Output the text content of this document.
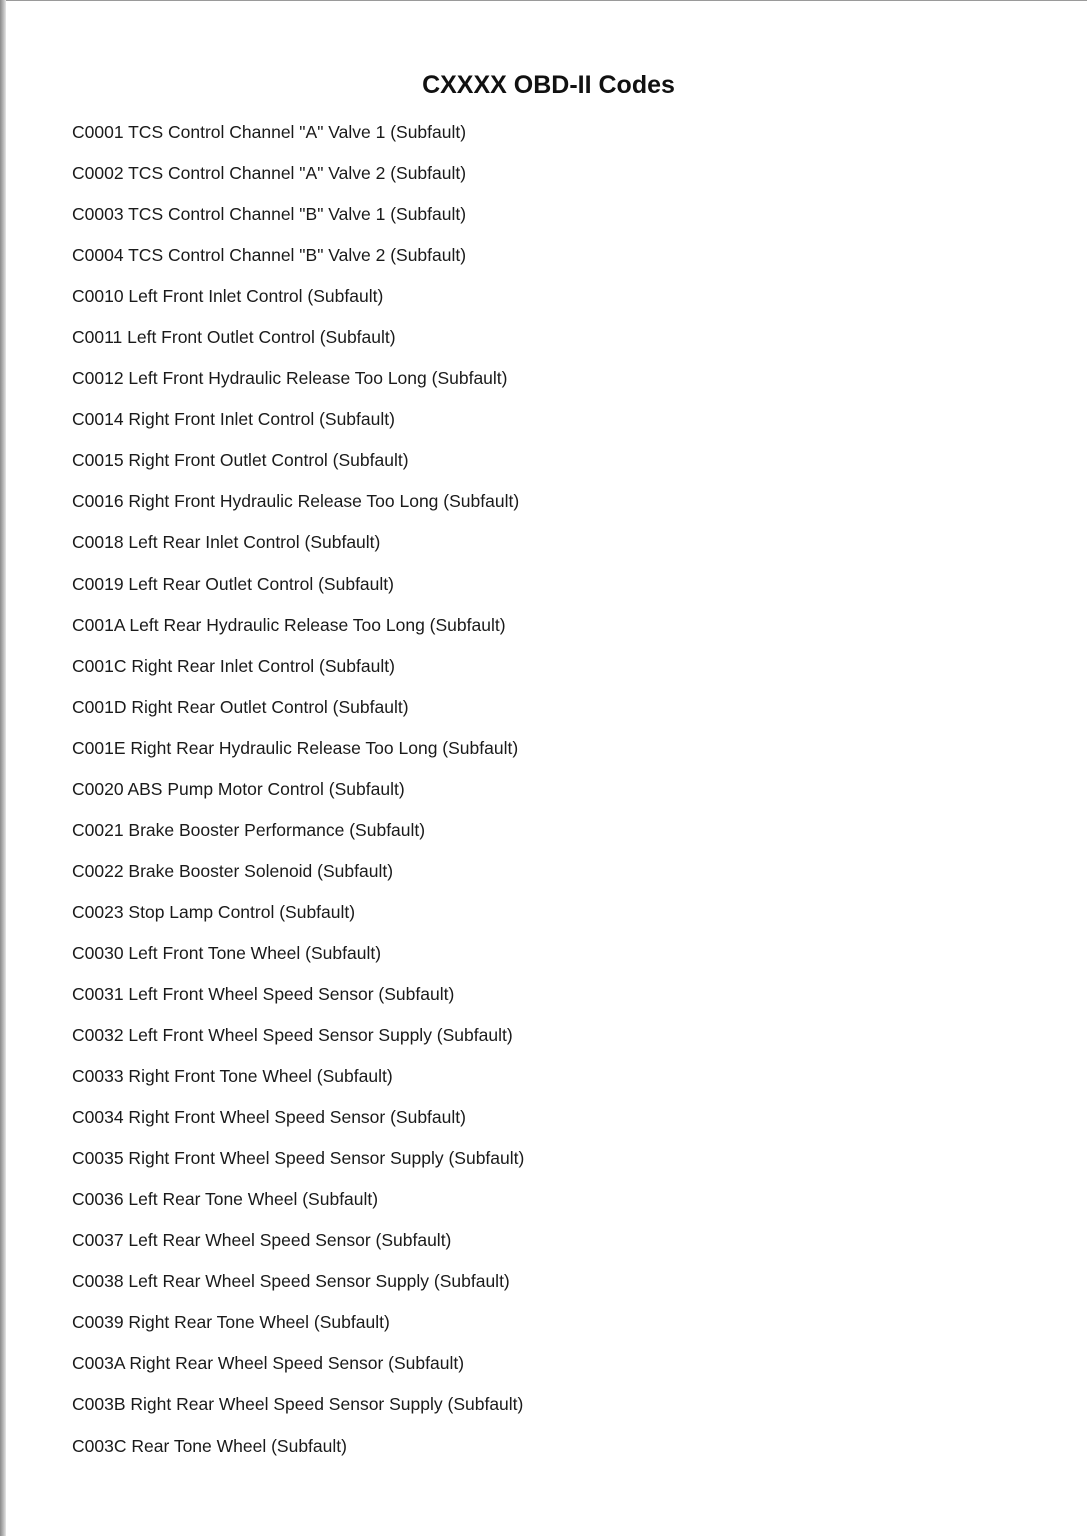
CXXXX OBD-II Codes
C0001 TCS Control Channel "A" Valve 1 (Subfault)
C0002 TCS Control Channel "A" Valve 2 (Subfault)
C0003 TCS Control Channel "B" Valve 1 (Subfault)
C0004 TCS Control Channel "B" Valve 2 (Subfault)
C0010 Left Front Inlet Control (Subfault)
C0011 Left Front Outlet Control (Subfault)
C0012 Left Front Hydraulic Release Too Long (Subfault)
C0014 Right Front Inlet Control (Subfault)
C0015 Right Front Outlet Control (Subfault)
C0016 Right Front Hydraulic Release Too Long (Subfault)
C0018 Left Rear Inlet Control (Subfault)
C0019 Left Rear Outlet Control (Subfault)
C001A Left Rear Hydraulic Release Too Long (Subfault)
C001C Right Rear Inlet Control (Subfault)
C001D Right Rear Outlet Control (Subfault)
C001E Right Rear Hydraulic Release Too Long (Subfault)
C0020 ABS Pump Motor Control (Subfault)
C0021 Brake Booster Performance (Subfault)
C0022 Brake Booster Solenoid (Subfault)
C0023 Stop Lamp Control (Subfault)
C0030 Left Front Tone Wheel (Subfault)
C0031 Left Front Wheel Speed Sensor (Subfault)
C0032 Left Front Wheel Speed Sensor Supply (Subfault)
C0033 Right Front Tone Wheel (Subfault)
C0034 Right Front Wheel Speed Sensor (Subfault)
C0035 Right Front Wheel Speed Sensor Supply (Subfault)
C0036 Left Rear Tone Wheel (Subfault)
C0037 Left Rear Wheel Speed Sensor (Subfault)
C0038 Left Rear Wheel Speed Sensor Supply (Subfault)
C0039 Right Rear Tone Wheel (Subfault)
C003A Right Rear Wheel Speed Sensor (Subfault)
C003B Right Rear Wheel Speed Sensor Supply (Subfault)
C003C Rear Tone Wheel (Subfault)
